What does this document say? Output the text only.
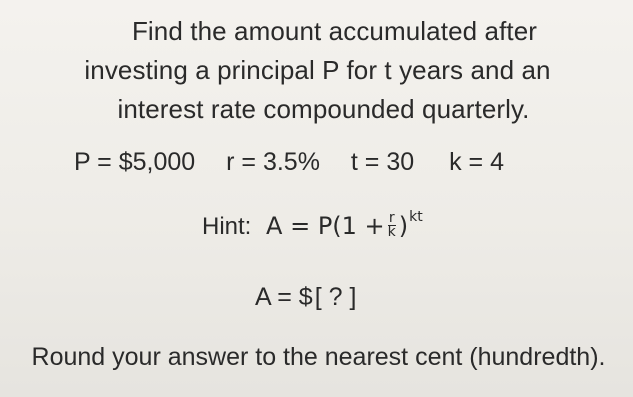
Find the amount accumulated after
investing a principal P for t years and an
interest rate compounded quarterly.
P = $5,000 r = 3.5% t = 30 k = 4
Hint: $A = P(1 + \frac{r}{k} )^{kt}$
A = $[ ? ]
Round your answer to the nearest cent (hundredth).
